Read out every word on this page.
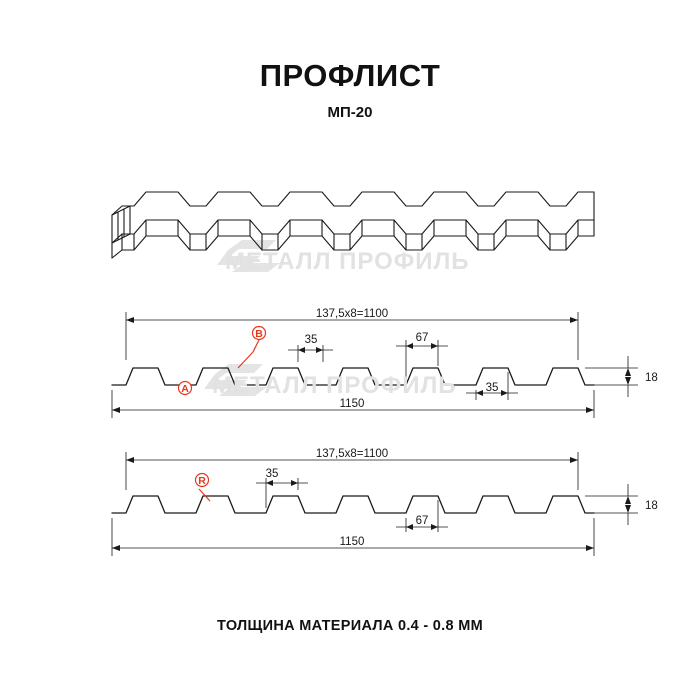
ПРОФЛИСТ
МП-20
A
B
137,5х8=1100
1150
18
35	67
35
R
137,5х8=1100
1150
18
35
67
МЕТАЛЛ ПРОФИЛЬ
МЕТАЛЛ ПРОФИЛЬ
ТОЛЩИНА МАТЕРИАЛА 0.4 - 0.8 ММ
